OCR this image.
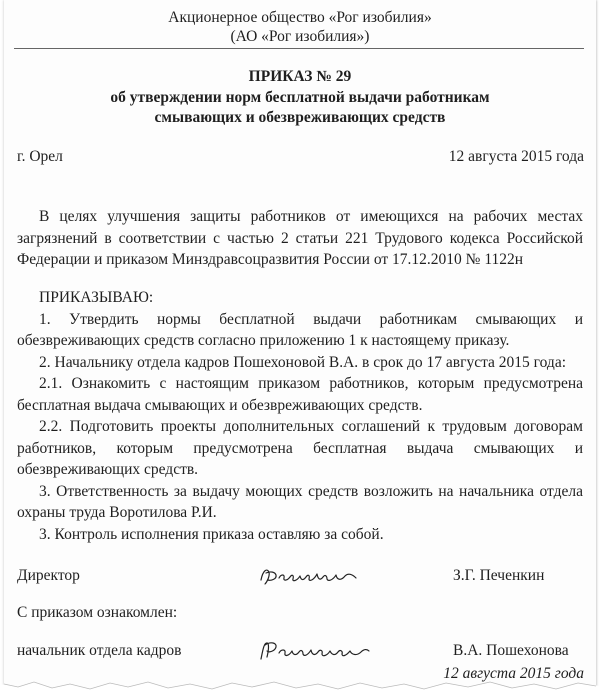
Акционерное общество «Рог изобилия»
(АО «Рог изобилия»)
ПРИКАЗ № 29
об утверждении норм бесплатной выдачи работникам
смывающих и обезвреживающих средств
г. Орел	12 августа 2015 года

В целях улучшения защиты работников от имеющихся на рабочих местах загрязнений в соответствии с частью 2 статьи 221 Трудового кодекса Российской Федерации и приказом Минздравсоцразвития России от 17.12.2010 № 1122н

ПРИКАЗЫВАЮ:

1. Утвердить нормы бесплатной выдачи работникам смывающих и обезвреживающих средств согласно приложению 1 к настоящему приказу.

2. Начальнику отдела кадров Пошехоновой В.А. в срок до 17 августа 2015 года:

2.1. Ознакомить с настоящим приказом работников, которым предусмотрена бесплатная выдача смывающих и обезвреживающих средств.

2.2. Подготовить проекты дополнительных соглашений к трудовым договорам работников, которым предусмотрена бесплатная выдача смывающих и обезвреживающих средств.

3. Ответственность за выдачу моющих средств возложить на начальника отдела охраны труда Воротилова Р.И.

3. Контроль исполнения приказа оставляю за собой.

Директор	З.Г. Печенкин
С приказом ознакомлен:
начальник отдела кадров	В.А. Пошехонова
12 августа 2015 года
